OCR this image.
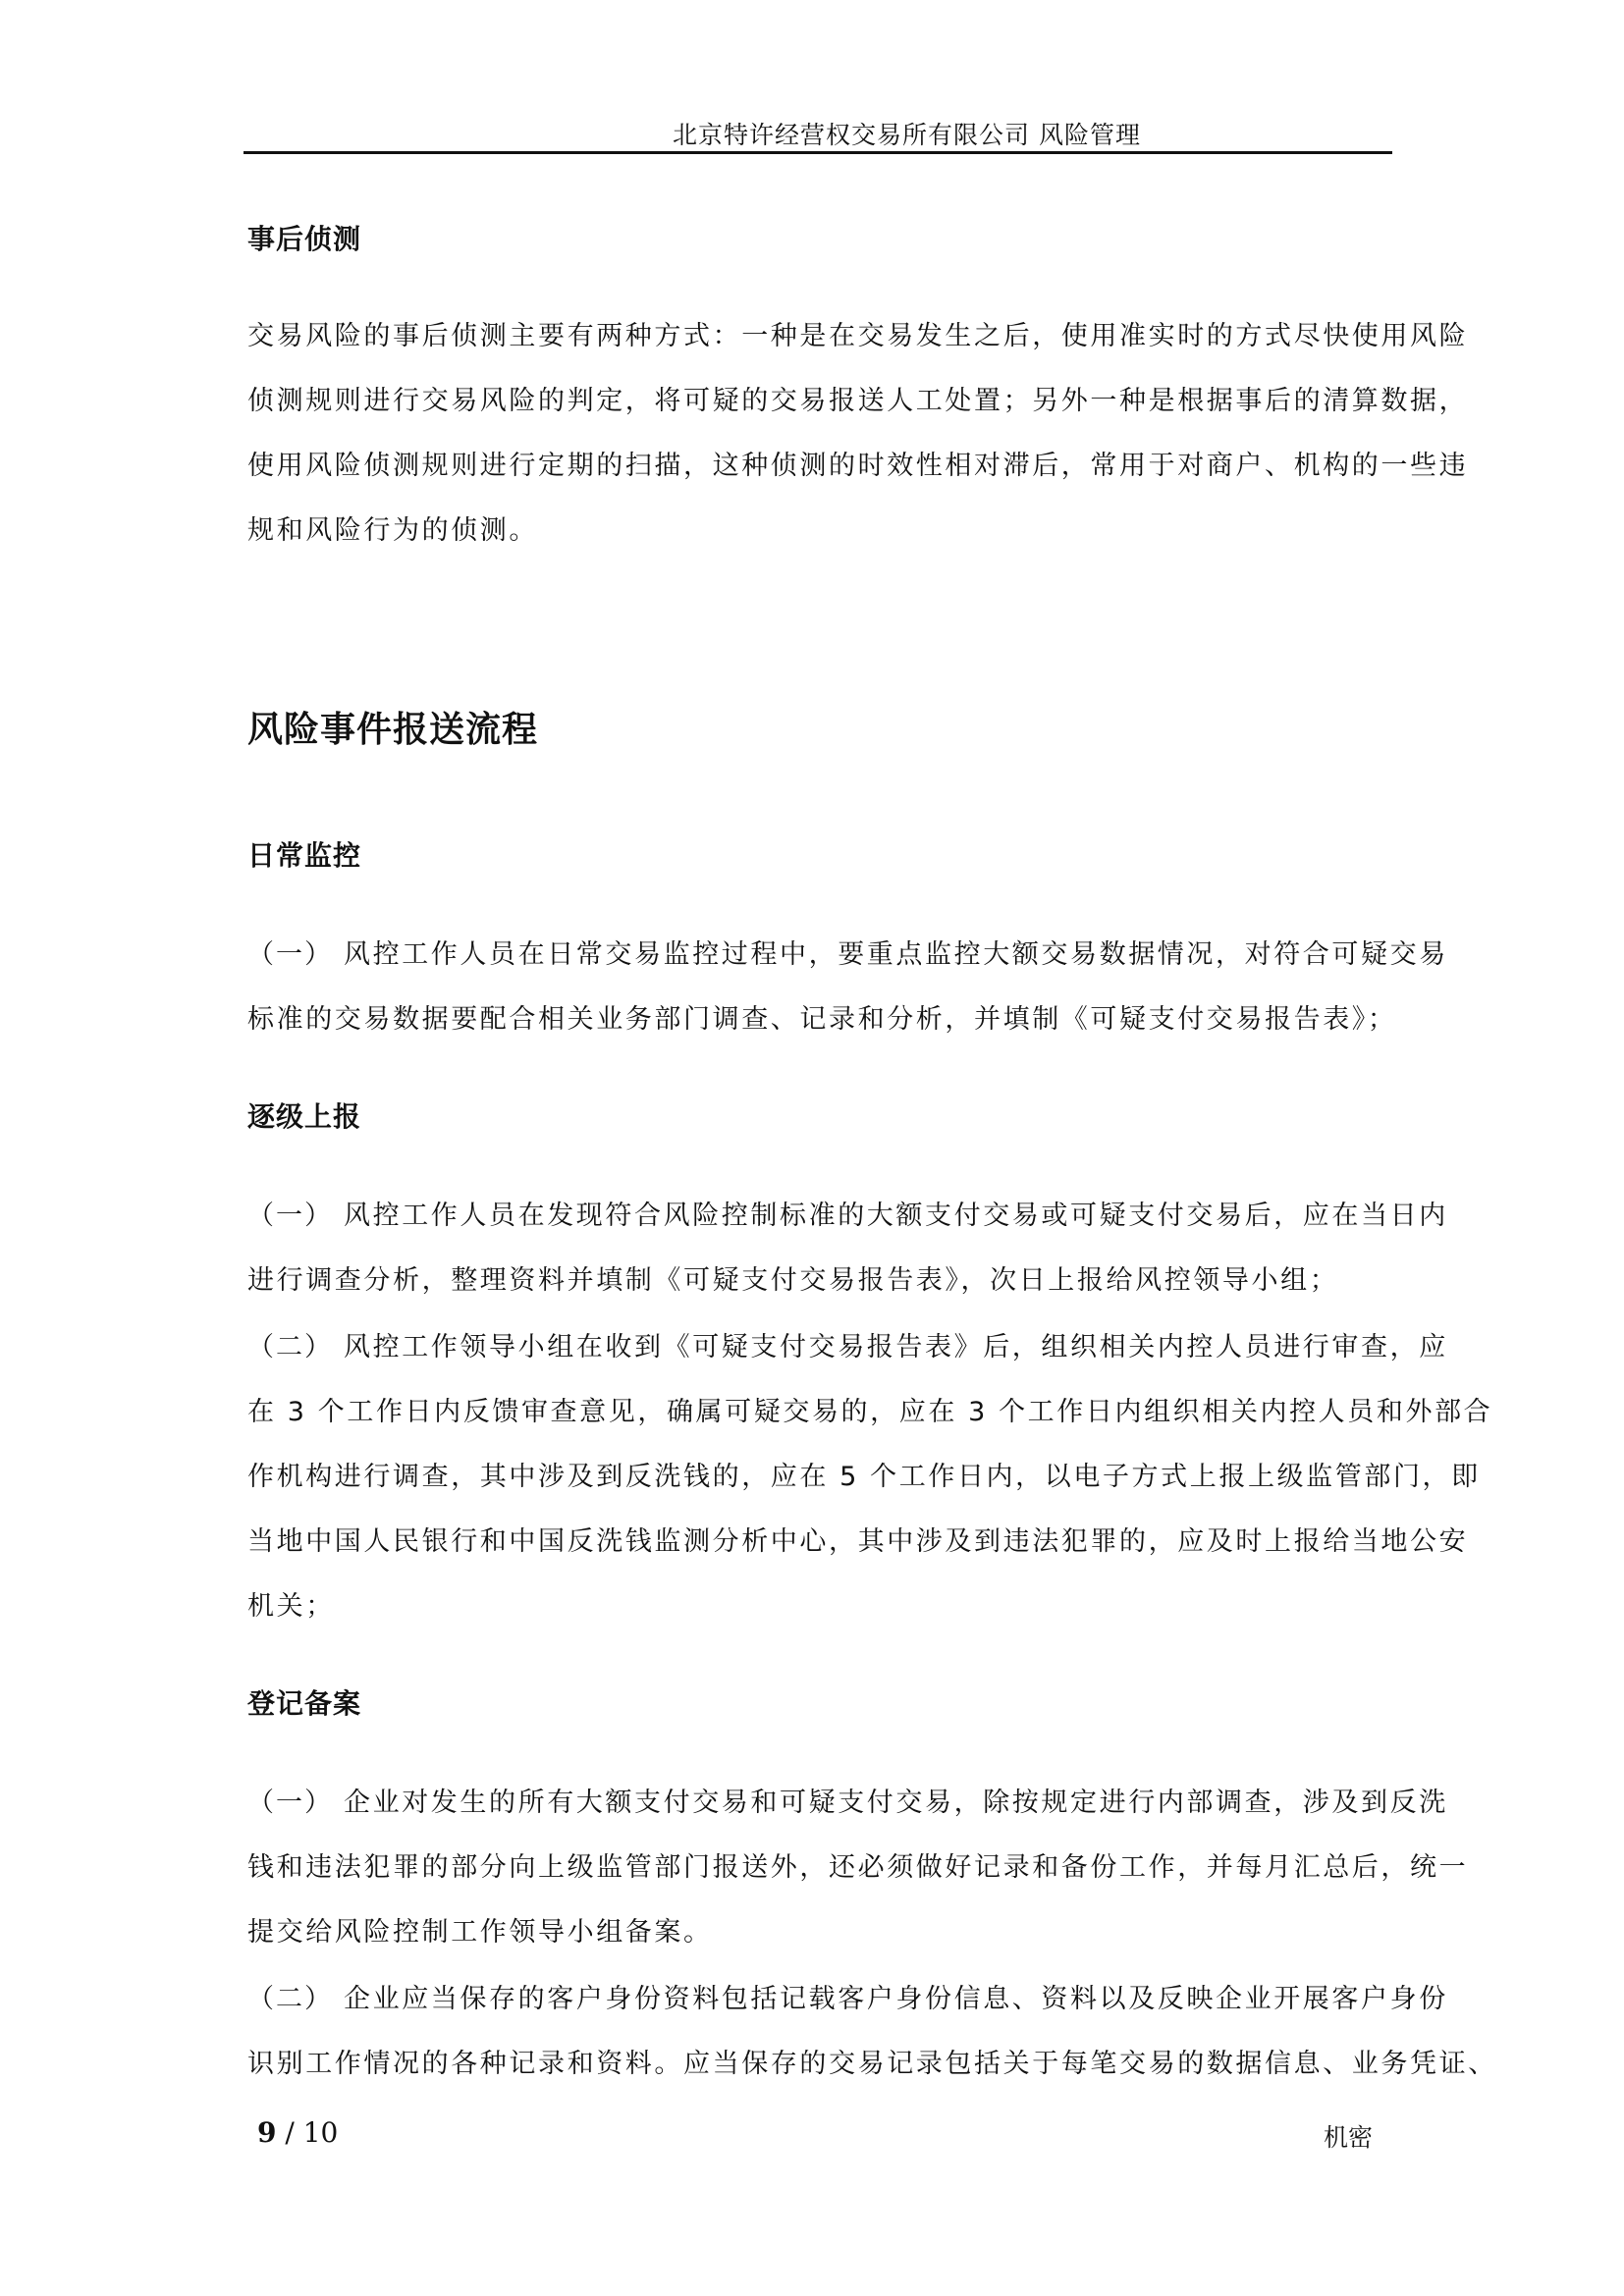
北京特许经营权交易所有限公司 风险管理
事后侦测
交易风险的事后侦测主要有两种方式：一种是在交易发生之后，使用准实时的方式尽快使用风险
侦测规则进行交易风险的判定，将可疑的交易报送人工处置；另外一种是根据事后的清算数据，
使用风险侦测规则进行定期的扫描，这种侦测的时效性相对滞后，常用于对商户、机构的一些违
规和风险行为的侦测。
风险事件报送流程
日常监控
（一） 风控工作人员在日常交易监控过程中，要重点监控大额交易数据情况，对符合可疑交易
标准的交易数据要配合相关业务部门调查、记录和分析，并填制《可疑支付交易报告表》；
逐级上报
（一） 风控工作人员在发现符合风险控制标准的大额支付交易或可疑支付交易后，应在当日内
进行调查分析，整理资料并填制《可疑支付交易报告表》，次日上报给风控领导小组；
（二） 风控工作领导小组在收到《可疑支付交易报告表》后，组织相关内控人员进行审查，应
在 3 个工作日内反馈审查意见，确属可疑交易的，应在 3 个工作日内组织相关内控人员和外部合
作机构进行调查，其中涉及到反洗钱的，应在 5 个工作日内，以电子方式上报上级监管部门，即
当地中国人民银行和中国反洗钱监测分析中心，其中涉及到违法犯罪的，应及时上报给当地公安
机关；
登记备案
（一） 企业对发生的所有大额支付交易和可疑支付交易，除按规定进行内部调查，涉及到反洗
钱和违法犯罪的部分向上级监管部门报送外，还必须做好记录和备份工作，并每月汇总后，统一
提交给风险控制工作领导小组备案。
（二） 企业应当保存的客户身份资料包括记载客户身份信息、资料以及反映企业开展客户身份
识别工作情况的各种记录和资料。应当保存的交易记录包括关于每笔交易的数据信息、业务凭证、
9 / 10	机密
